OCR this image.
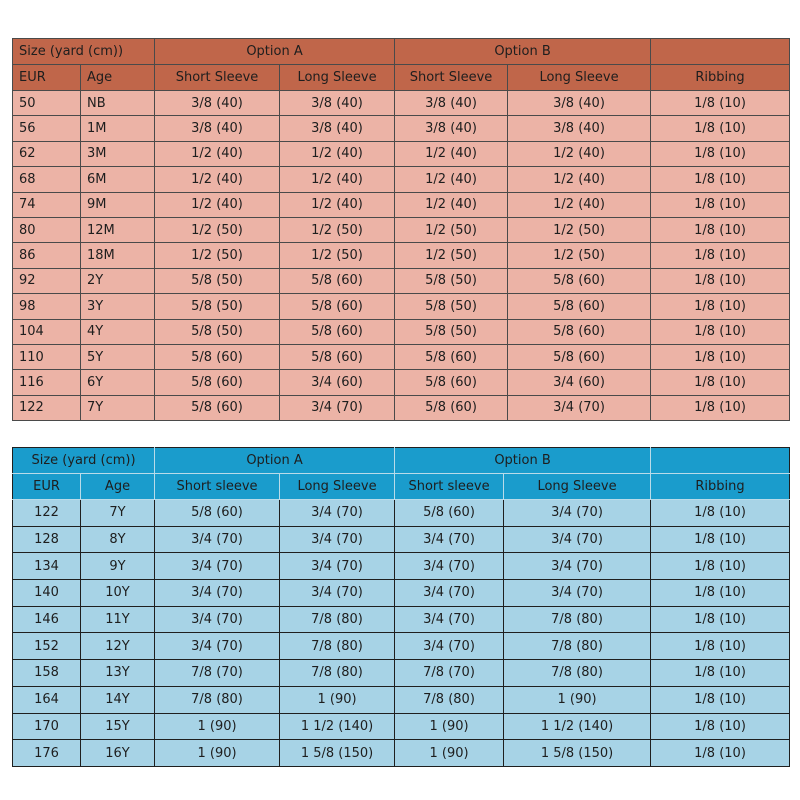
Size (yard (cm))		Option A		Option B		
EUR	Age	Short Sleeve	Long Sleeve	Short Sleeve	Long Sleeve	Ribbing
50	NB	3/8 (40)	3/8 (40)	3/8 (40)	3/8 (40)	1/8 (10)
56	1M	3/8 (40)	3/8 (40)	3/8 (40)	3/8 (40)	1/8 (10)
62	3M	1/2 (40)	1/2 (40)	1/2 (40)	1/2 (40)	1/8 (10)
68	6M	1/2 (40)	1/2 (40)	1/2 (40)	1/2 (40)	1/8 (10)
74	9M	1/2 (40)	1/2 (40)	1/2 (40)	1/2 (40)	1/8 (10)
80	12M	1/2 (50)	1/2 (50)	1/2 (50)	1/2 (50)	1/8 (10)
86	18M	1/2 (50)	1/2 (50)	1/2 (50)	1/2 (50)	1/8 (10)
92	2Y	5/8 (50)	5/8 (60)	5/8 (50)	5/8 (60)	1/8 (10)
98	3Y	5/8 (50)	5/8 (60)	5/8 (50)	5/8 (60)	1/8 (10)
104	4Y	5/8 (50)	5/8 (60)	5/8 (50)	5/8 (60)	1/8 (10)
110	5Y	5/8 (60)	5/8 (60)	5/8 (60)	5/8 (60)	1/8 (10)
116	6Y	5/8 (60)	3/4 (60)	5/8 (60)	3/4 (60)	1/8 (10)
122	7Y	5/8 (60)	3/4 (70)	5/8 (60)	3/4 (70)	1/8 (10)
Size (yard (cm))		Option A		Option B		
EUR	Age	Short sleeve	Long Sleeve	Short sleeve	Long Sleeve	Ribbing
122	7Y	5/8 (60)	3/4 (70)	5/8 (60)	3/4 (70)	1/8 (10)
128	8Y	3/4 (70)	3/4 (70)	3/4 (70)	3/4 (70)	1/8 (10)
134	9Y	3/4 (70)	3/4 (70)	3/4 (70)	3/4 (70)	1/8 (10)
140	10Y	3/4 (70)	3/4 (70)	3/4 (70)	3/4 (70)	1/8 (10)
146	11Y	3/4 (70)	7/8 (80)	3/4 (70)	7/8 (80)	1/8 (10)
152	12Y	3/4 (70)	7/8 (80)	3/4 (70)	7/8 (80)	1/8 (10)
158	13Y	7/8 (70)	7/8 (80)	7/8 (70)	7/8 (80)	1/8 (10)
164	14Y	7/8 (80)	1 (90)	7/8 (80)	1 (90)	1/8 (10)
170	15Y	1 (90)	1 1/2 (140)	1 (90)	1 1/2 (140)	1/8 (10)
176	16Y	1 (90)	1 5/8 (150)	1 (90)	1 5/8 (150)	1/8 (10)
